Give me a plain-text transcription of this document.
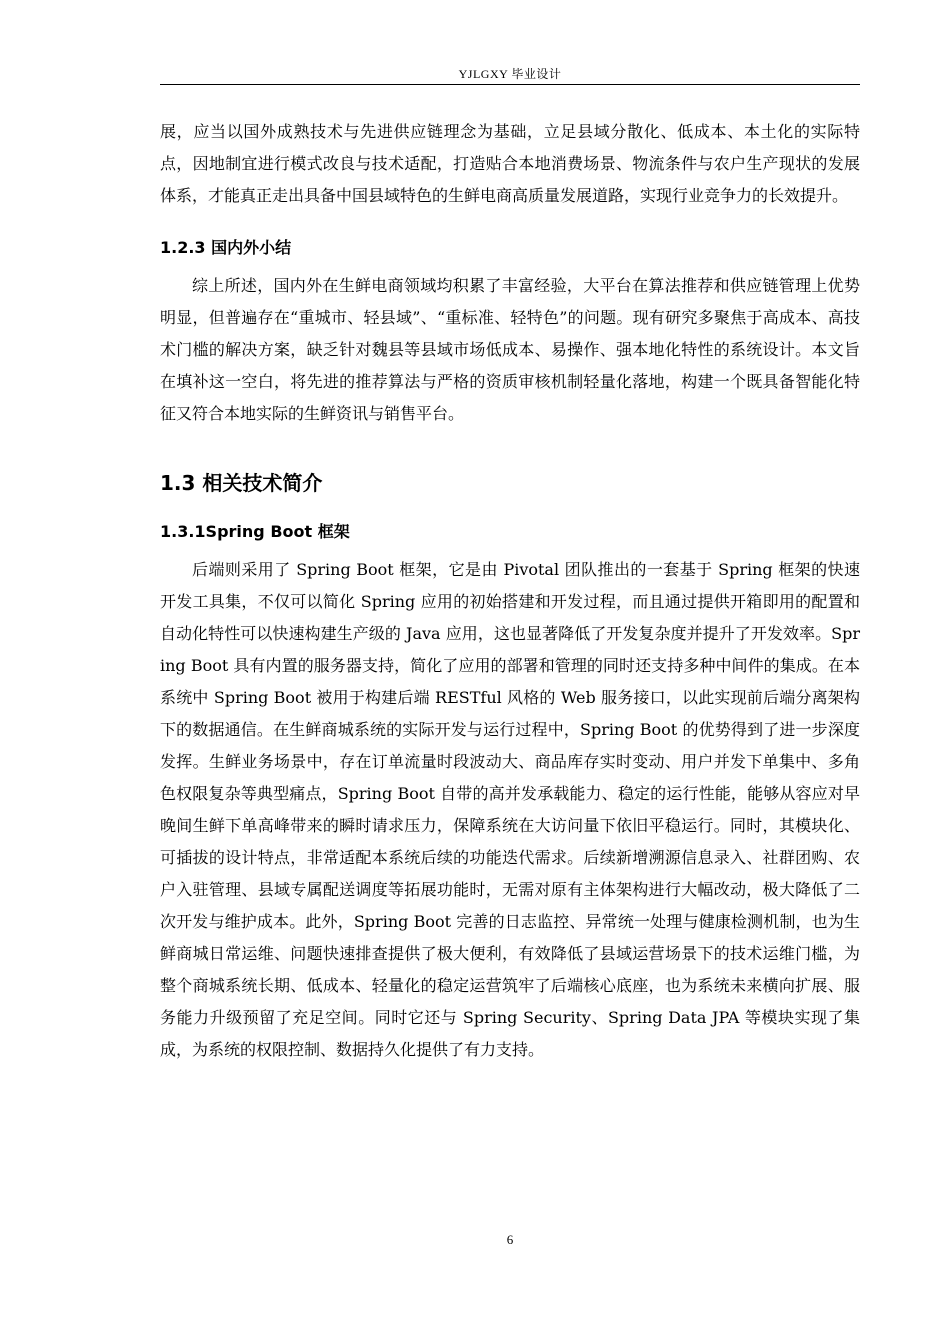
YJLGXY 毕业设计

展，应当以国外成熟技术与先进供应链理念为基础，立足县域分散化、低成本、本土化的实际特点，因地制宜进行模式改良与技术适配，打造贴合本地消费场景、物流条件与农户生产现状的发展体系，才能真正走出具备中国县域特色的生鲜电商高质量发展道路，实现行业竞争力的长效提升。

1.2.3 国内外小结

综上所述，国内外在生鲜电商领域均积累了丰富经验，大平台在算法推荐和供应链管理上优势明显，但普遍存在“重城市、轻县域”、“重标准、轻特色”的问题。现有研究多聚焦于高成本、高技术门槛的解决方案，缺乏针对魏县等县域市场低成本、易操作、强本地化特性的系统设计。本文旨在填补这一空白，将先进的推荐算法与严格的资质审核机制轻量化落地，构建一个既具备智能化特征又符合本地实际的生鲜资讯与销售平台。

1.3 相关技术简介
1.3.1Spring Boot 框架

后端则采用了 Spring Boot 框架，它是由 Pivotal 团队推出的一套基于 Spring 框架的快速开发工具集，不仅可以简化 Spring 应用的初始搭建和开发过程，而且通过提供开箱即用的配置和自动化特性可以快速构建生产级的 Java 应用，这也显著降低了开发复杂度并提升了开发效率。Spring Boot 具有内置的服务器支持，简化了应用的部署和管理的同时还支持多种中间件的集成。在本系统中 Spring Boot 被用于构建后端 RESTful 风格的 Web 服务接口，以此实现前后端分离架构下的数据通信。在生鲜商城系统的实际开发与运行过程中，Spring Boot 的优势得到了进一步深度发挥。生鲜业务场景中，存在订单流量时段波动大、商品库存实时变动、用户并发下单集中、多角色权限复杂等典型痛点，Spring Boot 自带的高并发承载能力、稳定的运行性能，能够从容应对早晚间生鲜下单高峰带来的瞬时请求压力，保障系统在大访问量下依旧平稳运行。同时，其模块化、可插拔的设计特点，非常适配本系统后续的功能迭代需求。后续新增溯源信息录入、社群团购、农户入驻管理、县域专属配送调度等拓展功能时，无需对原有主体架构进行大幅改动，极大降低了二次开发与维护成本。此外，Spring Boot 完善的日志监控、异常统一处理与健康检测机制，也为生鲜商城日常运维、问题快速排查提供了极大便利，有效降低了县域运营场景下的技术运维门槛，为整个商城系统长期、低成本、轻量化的稳定运营筑牢了后端核心底座，也为系统未来横向扩展、服务能力升级预留了充足空间。同时它还与 Spring Security、Spring Data JPA 等模块实现了集成，为系统的权限控制、数据持久化提供了有力支持。

6
